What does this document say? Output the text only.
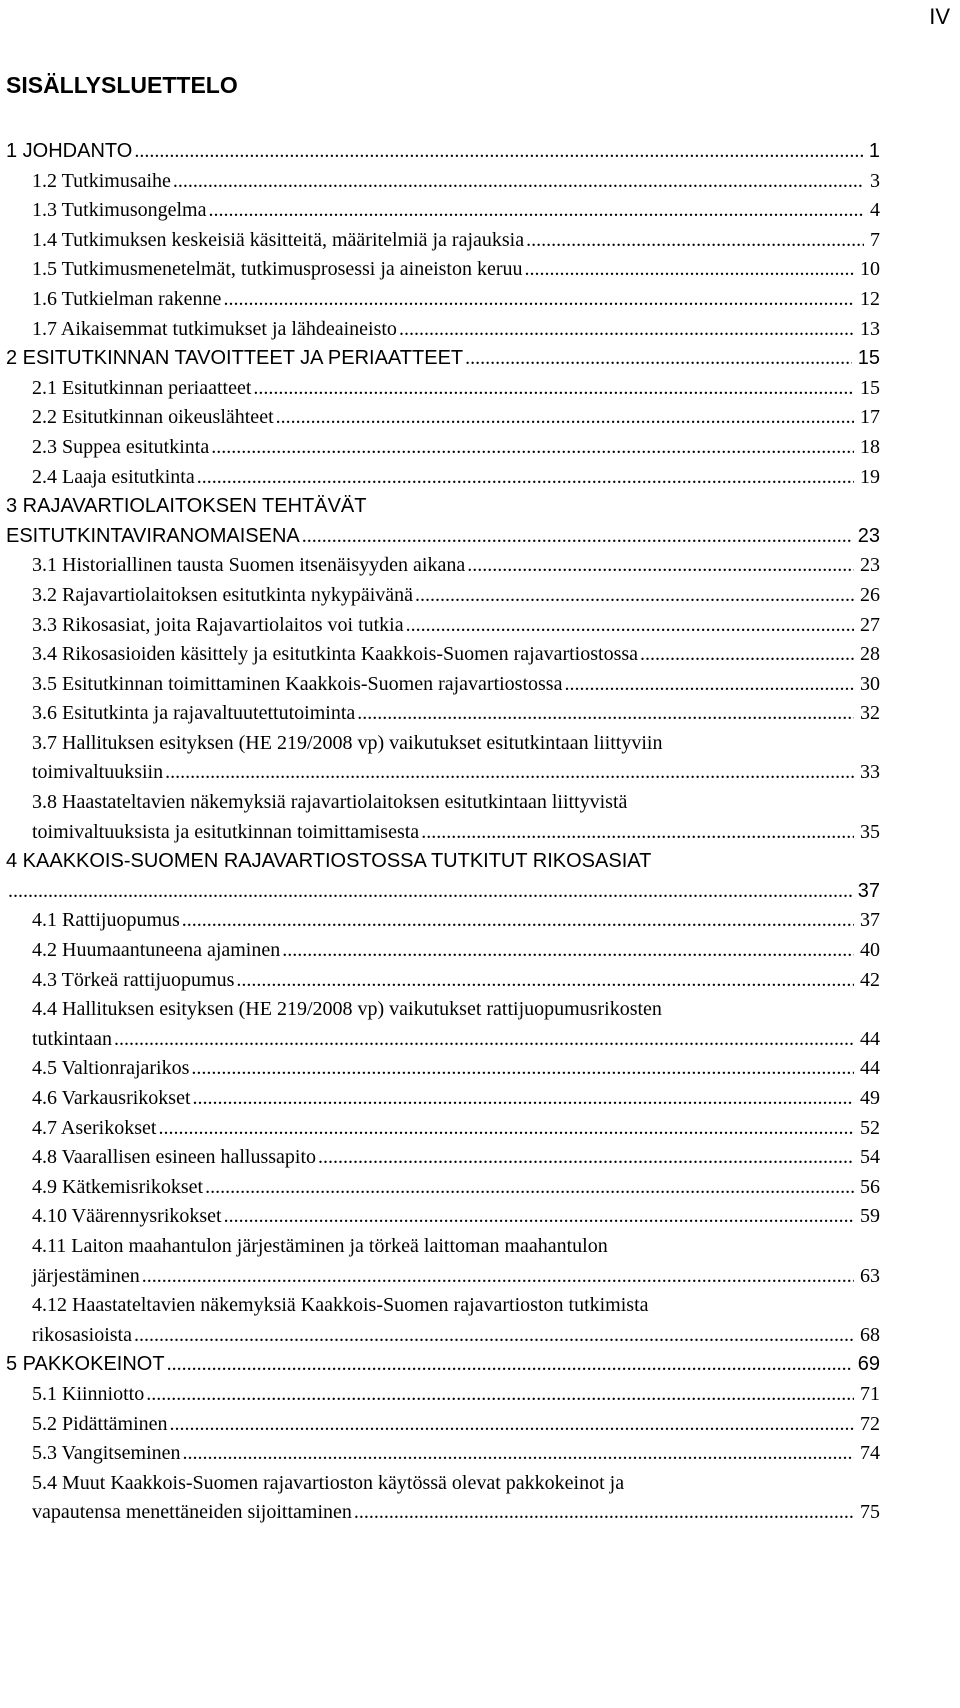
IV
SISÄLLYSLUETTELO
1 JOHDANTO .....	1
1.2 Tutkimusaihe .....	3
1.3 Tutkimusongelma .....	4
1.4 Tutkimuksen keskeisiä käsitteitä, määritelmiä ja rajauksia .....	7
1.5 Tutkimusmenetelmät, tutkimusprosessi ja aineiston keruu .....	10
1.6 Tutkielman rakenne .....	12
1.7 Aikaisemmat tutkimukset ja lähdeaineisto .....	13
2 ESITUTKINNAN TAVOITTEET JA PERIAATTEET .....	15
2.1 Esitutkinnan periaatteet .....	15
2.2 Esitutkinnan oikeuslähteet .....	17
2.3 Suppea esitutkinta .....	18
2.4 Laaja esitutkinta .....	19
3 RAJAVARTIOLAITOKSEN TEHTÄVÄT
ESITUTKINTAVIRANOMAISENA .....	23
3.1 Historiallinen tausta Suomen itsenäisyyden aikana .....	23
3.2 Rajavartiolaitoksen esitutkinta nykypäivänä .....	26
3.3 Rikosasiat, joita Rajavartiolaitos voi tutkia .....	27
3.4 Rikosasioiden käsittely ja esitutkinta Kaakkois-Suomen rajavartiostossa .....	28
3.5 Esitutkinnan toimittaminen Kaakkois-Suomen rajavartiostossa .....	30
3.6 Esitutkinta ja rajavaltuutettutoiminta .....	32
3.7 Hallituksen esityksen (HE 219/2008 vp) vaikutukset esitutkintaan liittyviin
toimivaltuuksiin .....	33
3.8 Haastateltavien näkemyksiä rajavartiolaitoksen esitutkintaan liittyvistä
toimivaltuuksista ja esitutkinnan toimittamisesta .....	35
4 KAAKKOIS-SUOMEN RAJAVARTIOSTOSSA TUTKITUT RIKOSASIAT
.....
37
4.1 Rattijuopumus .....	37
4.2 Huumaantuneena ajaminen .....	40
4.3 Törkeä rattijuopumus .....	42
4.4 Hallituksen esityksen (HE 219/2008 vp) vaikutukset rattijuopumusrikosten
tutkintaan .....	44
4.5 Valtionrajarikos .....	44
4.6 Varkausrikokset .....	49
4.7 Aserikokset .....	52
4.8 Vaarallisen esineen hallussapito .....	54
4.9 Kätkemisrikokset .....	56
4.10 Väärennysrikokset .....	59
4.11 Laiton maahantulon järjestäminen ja törkeä laittoman maahantulon
järjestäminen .....	63
4.12 Haastateltavien näkemyksiä Kaakkois-Suomen rajavartioston tutkimista
rikosasioista .....	68
5 PAKKOKEINOT .....	69
5.1 Kiinniotto .....	71
5.2 Pidättäminen .....	72
5.3 Vangitseminen .....	74
5.4 Muut Kaakkois-Suomen rajavartioston käytössä olevat pakkokeinot ja
vapautensa menettäneiden sijoittaminen .....	75
